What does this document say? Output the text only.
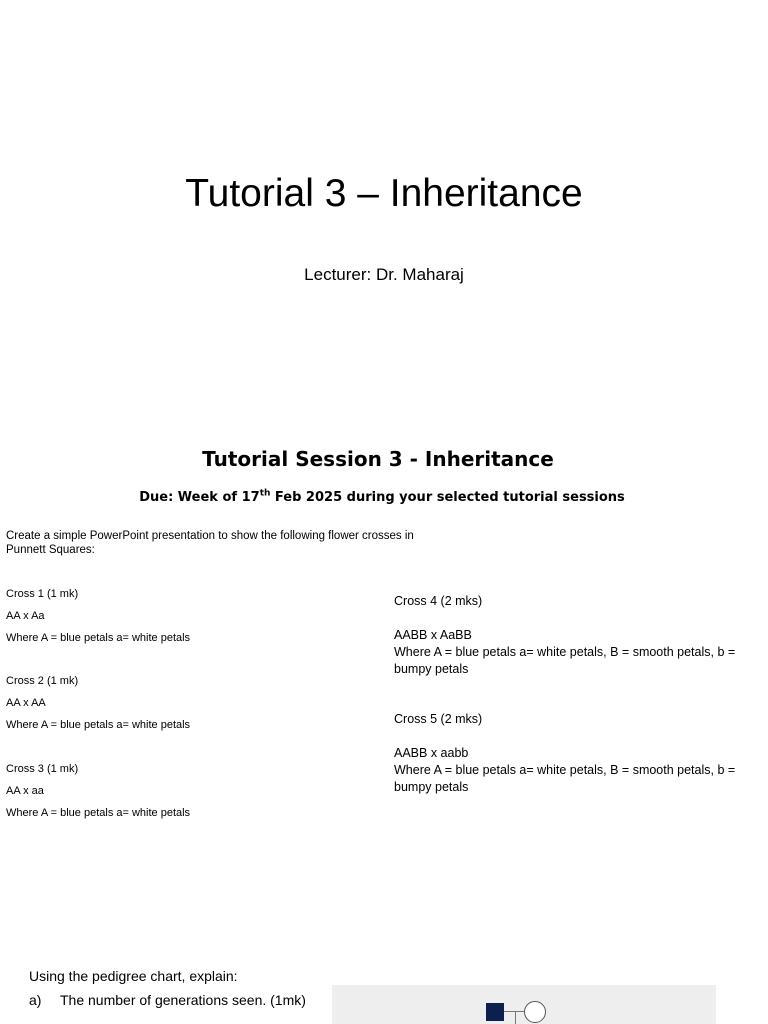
Tutorial 3 – Inheritance
Lecturer: Dr. Maharaj
Tutorial Session 3 - Inheritance
Due: Week of 17th Feb 2025 during your selected tutorial sessions
Create a simple PowerPoint presentation to show the following flower crosses in Punnett Squares:
Cross 1 (1 mk)
AA x Aa
Where A = blue petals a= white petals
Cross 2 (1 mk)
AA x AA
Where A = blue petals a= white petals
Cross 3 (1 mk)
AA x aa
Where A = blue petals a= white petals
Cross 4 (2 mks)
AABB x AaBB
Where A = blue petals a= white petals, B = smooth petals, b = bumpy petals
Cross 5 (2 mks)
AABB x aabb
Where A = blue petals a= white petals, B = smooth petals, b = bumpy petals
Using the pedigree chart, explain:
a) The number of generations seen. (1mk)
